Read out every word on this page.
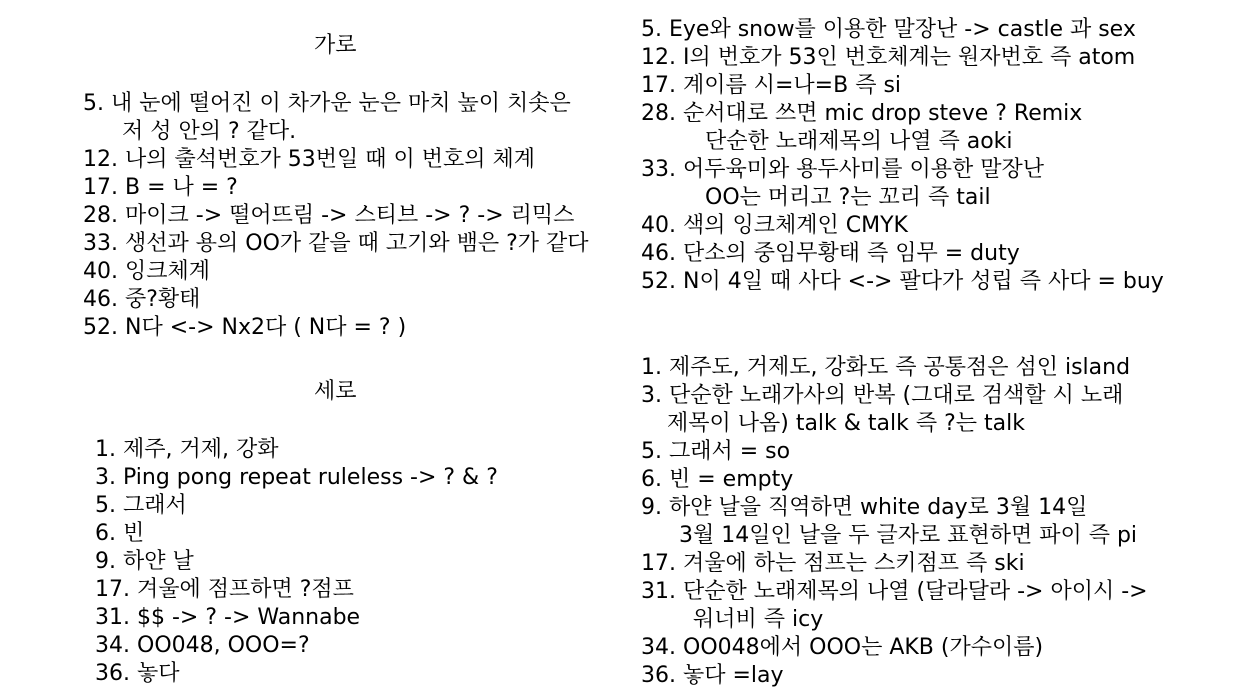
가로
5. 내 눈에 떨어진 이 차가운 눈은 마치 높이 치솟은
저 성 안의 ? 같다.
12. 나의 출석번호가 53번일 때 이 번호의 체계
17. B = 나 = ?
28. 마이크 -> 떨어뜨림 -> 스티브 -> ? -> 리믹스
33. 생선과 용의 OO가 같을 때 고기와 뱀은 ?가 같다
40. 잉크체계
46. 중?황태
52. N다 <-> Nx2다 ( N다 = ? )
세로
1. 제주, 거제, 강화
3. Ping pong repeat ruleless -> ? & ?
5. 그래서
6. 빈
9. 하얀 날
17. 겨울에 점프하면 ?점프
31. $$ -> ? -> Wannabe
34. OO048, OOO=?
36. 놓다
5. Eye와 snow를 이용한 말장난 -> castle 과 sex
12. I의 번호가 53인 번호체계는 원자번호 즉 atom
17. 계이름 시=나=B 즉 si
28. 순서대로 쓰면 mic drop steve ? Remix
단순한 노래제목의 나열 즉 aoki
33. 어두육미와 용두사미를 이용한 말장난
OO는 머리고 ?는 꼬리 즉 tail
40. 색의 잉크체계인 CMYK
46. 단소의 중임무황태 즉 임무 = duty
52. N이 4일 때 사다 <-> 팔다가 성립 즉 사다 = buy
1. 제주도, 거제도, 강화도 즉 공통점은 섬인 island
3. 단순한 노래가사의 반복 (그대로 검색할 시 노래
제목이 나옴) talk & talk 즉 ?는 talk
5. 그래서 = so
6. 빈 = empty
9. 하얀 날을 직역하면 white day로 3월 14일
3월 14일인 날을 두 글자로 표현하면 파이 즉 pi
17. 겨울에 하는 점프는 스키점프 즉 ski
31. 단순한 노래제목의 나열 (달라달라 -> 아이시 ->
워너비 즉 icy
34. OO048에서 OOO는 AKB (가수이름)
36. 놓다 =lay
